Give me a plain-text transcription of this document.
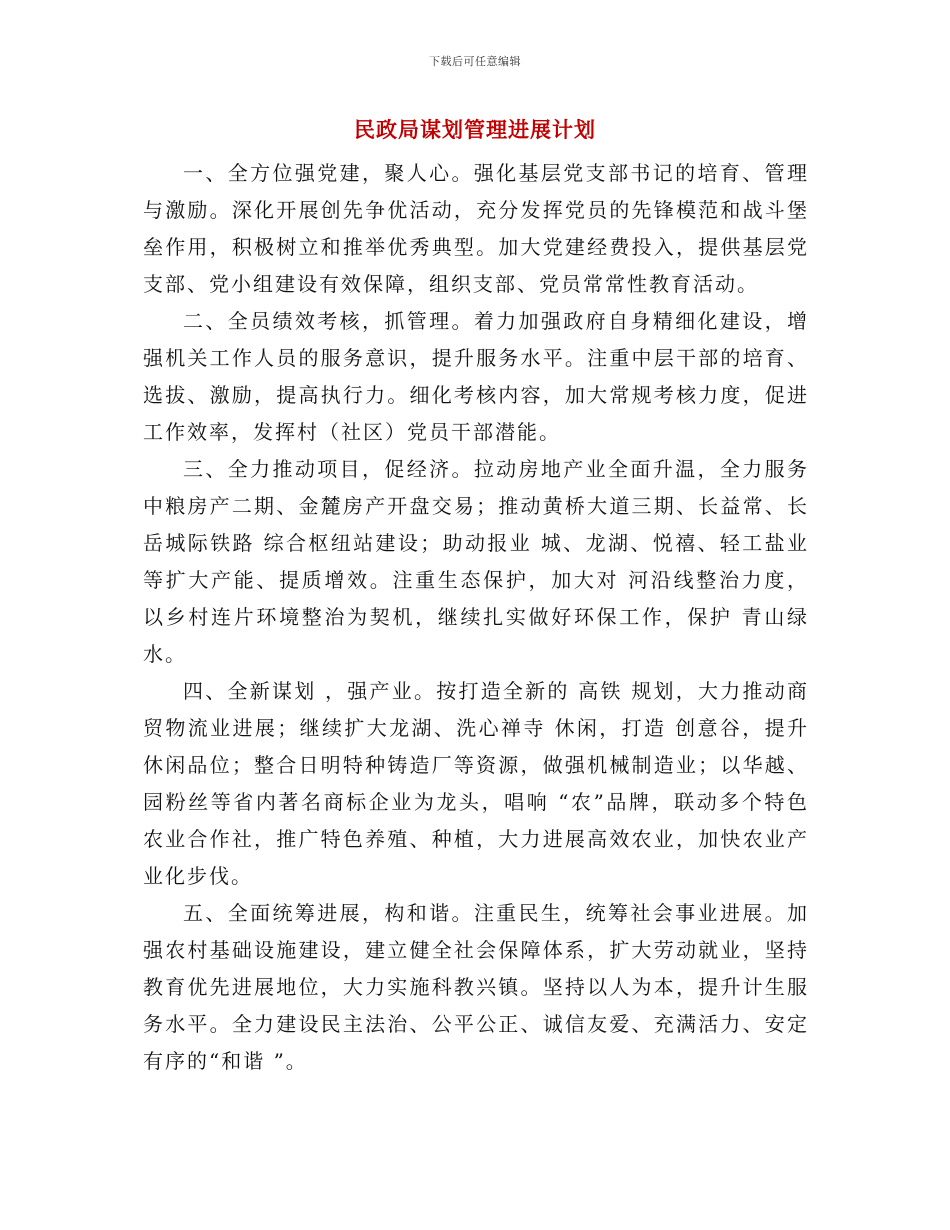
下载后可任意编辑
民政局谋划管理进展计划

一、全方位强党建，聚人心。强化基层党支部书记的培育、管理与激励。深化开展创先争优活动，充分发挥党员的先锋模范和战斗堡垒作用，积极树立和推举优秀典型。加大党建经费投入，提供基层党支部、党小组建设有效保障，组织支部、党员常常性教育活动。

二、全员绩效考核，抓管理。着力加强政府自身精细化建设，增强机关工作人员的服务意识，提升服务水平。注重中层干部的培育、选拔、激励，提高执行力。细化考核内容，加大常规考核力度，促进工作效率，发挥村（社区）党员干部潜能。

三、全力推动项目，促经济。拉动房地产业全面升温，全力服务中粮房产二期、金麓房产开盘交易；推动黄桥大道三期、长益常、长岳城际铁路 综合枢纽站建设；助动报业 城、龙湖、悦禧、轻工盐业等扩大产能、提质增效。注重生态保护，加大对 河沿线整治力度，以乡村连片环境整治为契机，继续扎实做好环保工作，保护 青山绿水。

四、全新谋划 ，强产业。按打造全新的 高铁 规划，大力推动商贸物流业进展；继续扩大龙湖、洗心禅寺 休闲，打造 创意谷，提升休闲品位；整合日明特种铸造厂等资源，做强机械制造业；以华越、园粉丝等省内著名商标企业为龙头，唱响 “农”品牌，联动多个特色农业合作社，推广特色养殖、种植，大力进展高效农业，加快农业产业化步伐。

五、全面统筹进展，构和谐。注重民生，统筹社会事业进展。加强农村基础设施建设，建立健全社会保障体系，扩大劳动就业，坚持教育优先进展地位，大力实施科教兴镇。坚持以人为本，提升计生服务水平。全力建设民主法治、公平公正、诚信友爱、充满活力、安定有序的“和谐 ”。
